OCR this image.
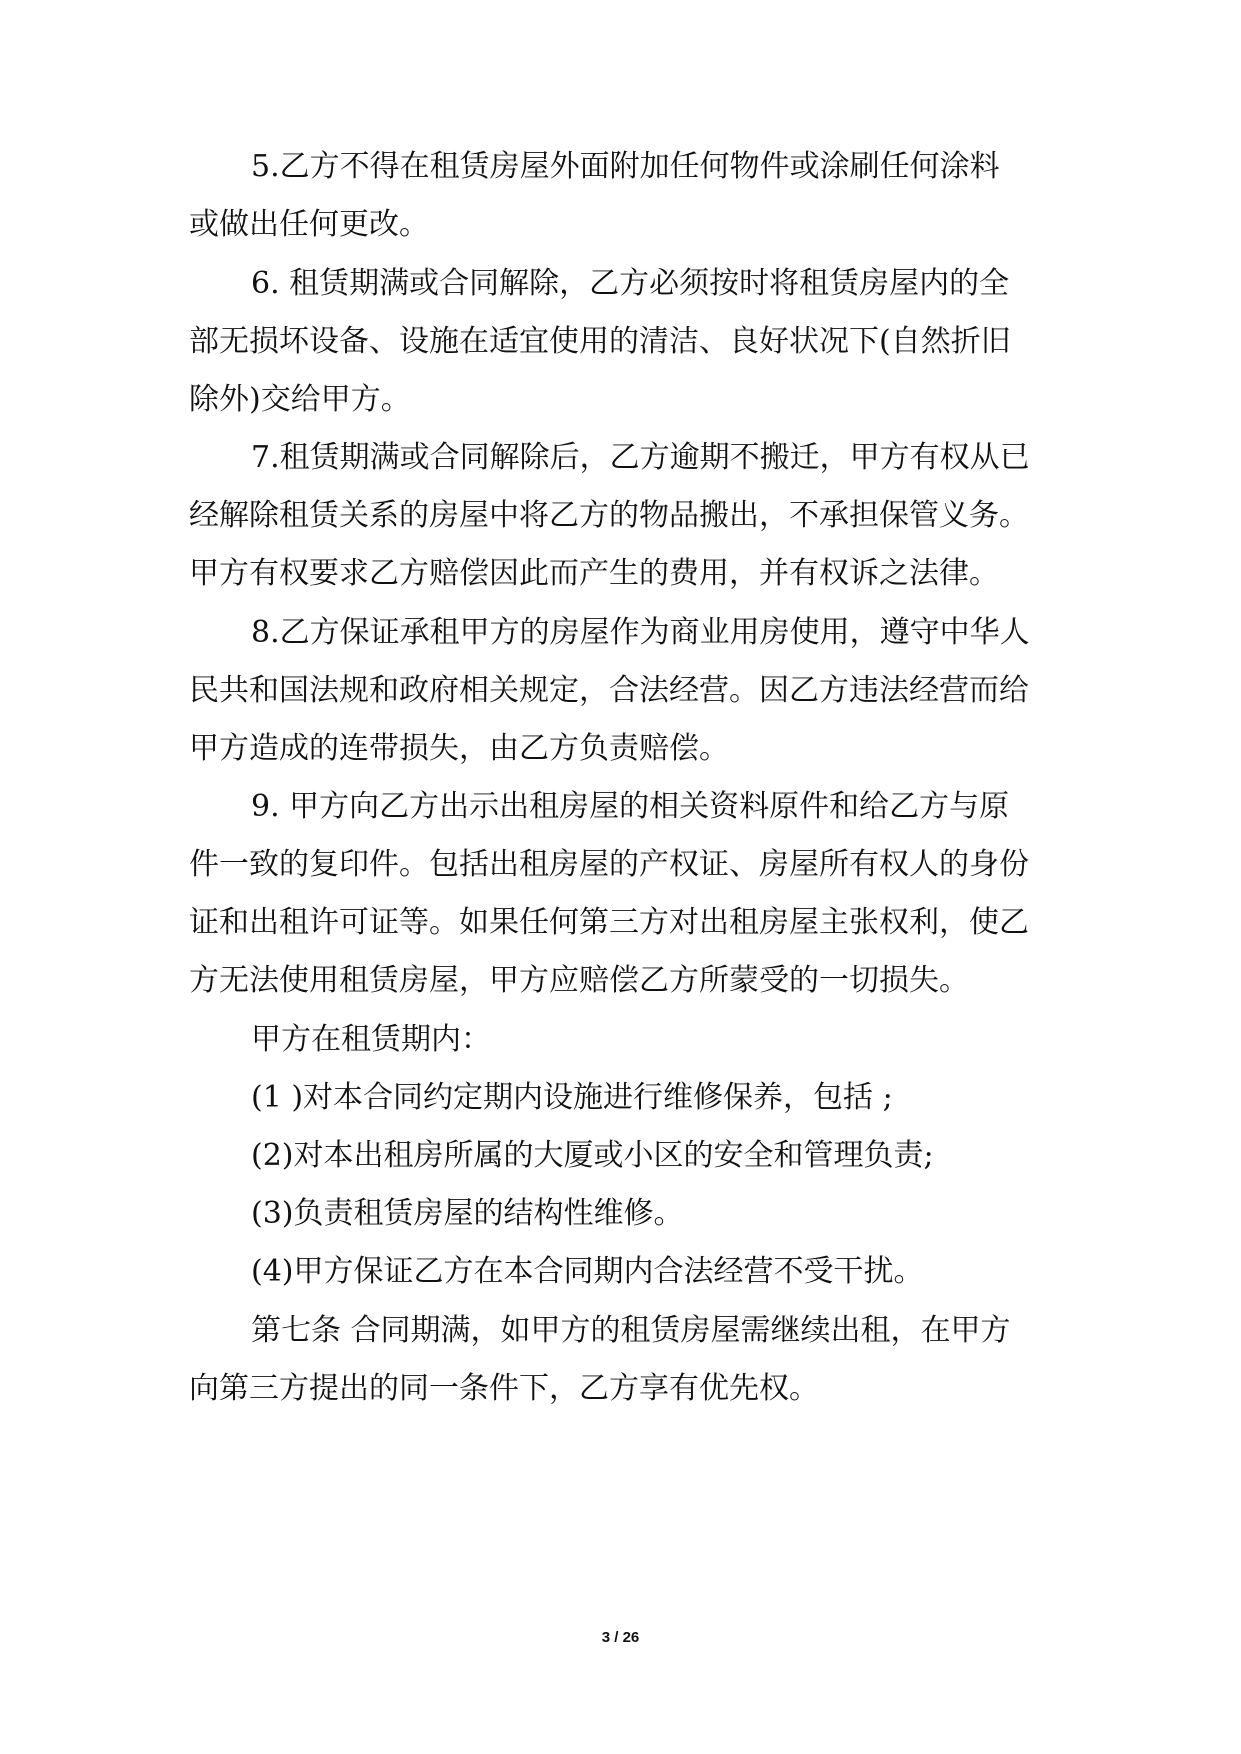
5.乙方不得在租赁房屋外面附加任何物件或涂刷任何涂料
或做出任何更改。
6. 租赁期满或合同解除，乙方必须按时将租赁房屋内的全
部无损坏设备、设施在适宜使用的清洁、良好状况下(自然折旧
除外)交给甲方。
7.租赁期满或合同解除后，乙方逾期不搬迁，甲方有权从已
经解除租赁关系的房屋中将乙方的物品搬出，不承担保管义务。
甲方有权要求乙方赔偿因此而产生的费用，并有权诉之法律。
8.乙方保证承租甲方的房屋作为商业用房使用，遵守中华人
民共和国法规和政府相关规定，合法经营。因乙方违法经营而给
甲方造成的连带损失，由乙方负责赔偿。
9. 甲方向乙方出示出租房屋的相关资料原件和给乙方与原
件一致的复印件。包括出租房屋的产权证、房屋所有权人的身份
证和出租许可证等。如果任何第三方对出租房屋主张权利，使乙
方无法使用租赁房屋，甲方应赔偿乙方所蒙受的一切损失。
甲方在租赁期内：
(1 )对本合同约定期内设施进行维修保养，包括 ;
(2)对本出租房所属的大厦或小区的安全和管理负责;
(3)负责租赁房屋的结构性维修。
(4)甲方保证乙方在本合同期内合法经营不受干扰。
第七条 合同期满，如甲方的租赁房屋需继续出租，在甲方
向第三方提出的同一条件下，乙方享有优先权。
3 / 26
